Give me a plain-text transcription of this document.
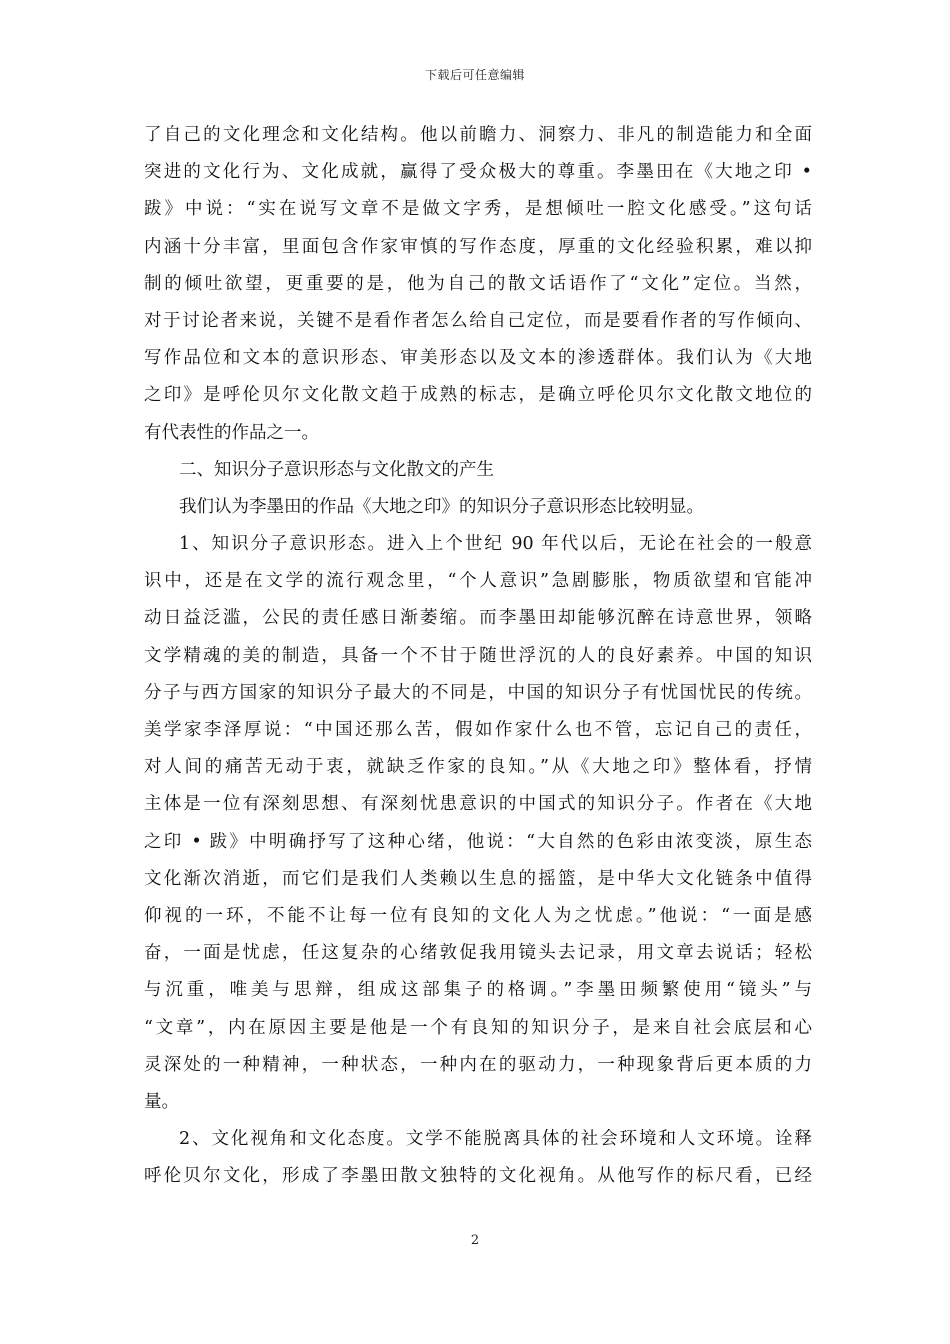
下载后可任意编辑
了自己的文化理念和文化结构。他以前瞻力、洞察力、非凡的制造能力和全面
突进的文化行为、文化成就，赢得了受众极大的尊重。李墨田在《大地之印 •
跋》中说：“实在说写文章不是做文字秀，是想倾吐一腔文化感受。”这句话
内涵十分丰富，里面包含作家审慎的写作态度，厚重的文化经验积累，难以抑
制的倾吐欲望，更重要的是，他为自己的散文话语作了“文化”定位。当然，
对于讨论者来说，关键不是看作者怎么给自己定位，而是要看作者的写作倾向、
写作品位和文本的意识形态、审美形态以及文本的渗透群体。我们认为《大地
之印》是呼伦贝尔文化散文趋于成熟的标志，是确立呼伦贝尔文化散文地位的
有代表性的作品之一。
二、知识分子意识形态与文化散文的产生
我们认为李墨田的作品《大地之印》的知识分子意识形态比较明显。
1、知识分子意识形态。进入上个世纪 90 年代以后，无论在社会的一般意
识中，还是在文学的流行观念里，“个人意识”急剧膨胀，物质欲望和官能冲
动日益泛滥，公民的责任感日渐萎缩。而李墨田却能够沉醉在诗意世界，领略
文学精魂的美的制造，具备一个不甘于随世浮沉的人的良好素养。中国的知识
分子与西方国家的知识分子最大的不同是，中国的知识分子有忧国忧民的传统。
美学家李泽厚说：“中国还那么苦，假如作家什么也不管，忘记自己的责任，
对人间的痛苦无动于衷，就缺乏作家的良知。”从《大地之印》整体看，抒情
主体是一位有深刻思想、有深刻忧患意识的中国式的知识分子。作者在《大地
之印 • 跋》中明确抒写了这种心绪，他说：“大自然的色彩由浓变淡，原生态
文化渐次消逝，而它们是我们人类赖以生息的摇篮，是中华大文化链条中值得
仰视的一环，不能不让每一位有良知的文化人为之忧虑。”他说：“一面是感
奋，一面是忧虑，任这复杂的心绪敦促我用镜头去记录，用文章去说话；轻松
与沉重，唯美与思辩，组成这部集子的格调。”李墨田频繁使用“镜头”与
“文章”，内在原因主要是他是一个有良知的知识分子，是来自社会底层和心
灵深处的一种精神，一种状态，一种内在的驱动力，一种现象背后更本质的力
量。
2、文化视角和文化态度。文学不能脱离具体的社会环境和人文环境。诠释
呼伦贝尔文化，形成了李墨田散文独特的文化视角。从他写作的标尺看，已经
2
